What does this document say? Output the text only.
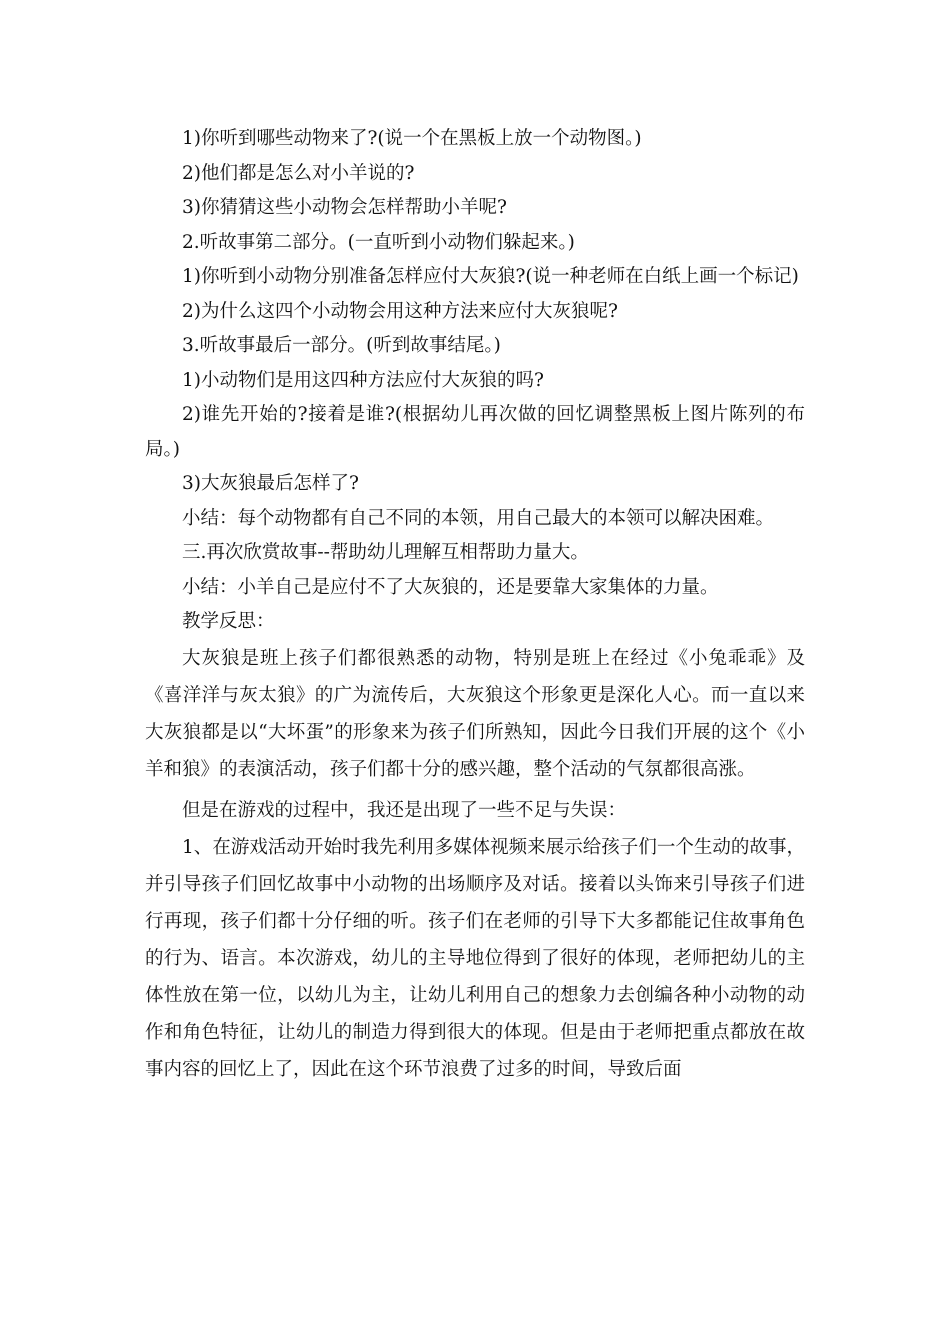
1)你听到哪些动物来了?(说一个在黑板上放一个动物图。)

2)他们都是怎么对小羊说的?

3)你猜猜这些小动物会怎样帮助小羊呢?

2.听故事第二部分。(一直听到小动物们躲起来。)

1)你听到小动物分别准备怎样应付大灰狼?(说一种老师在白纸上画一个标记)

2)为什么这四个小动物会用这种方法来应付大灰狼呢?

3.听故事最后一部分。(听到故事结尾。)

1)小动物们是用这四种方法应付大灰狼的吗?

2)谁先开始的?接着是谁?(根据幼儿再次做的回忆调整黑板上图片陈列的布局。)

3)大灰狼最后怎样了?

小结：每个动物都有自己不同的本领，用自己最大的本领可以解决困难。

三.再次欣赏故事--帮助幼儿理解互相帮助力量大。

小结：小羊自己是应付不了大灰狼的，还是要靠大家集体的力量。

教学反思：

大灰狼是班上孩子们都很熟悉的动物，特别是班上在经过《小兔乖乖》及《喜洋洋与灰太狼》的广为流传后，大灰狼这个形象更是深化人心。而一直以来大灰狼都是以“大坏蛋”的形象来为孩子们所熟知，因此今日我们开展的这个《小羊和狼》的表演活动，孩子们都十分的感兴趣，整个活动的气氛都很高涨。

但是在游戏的过程中，我还是出现了一些不足与失误：

1、在游戏活动开始时我先利用多媒体视频来展示给孩子们一个生动的故事，并引导孩子们回忆故事中小动物的出场顺序及对话。接着以头饰来引导孩子们进行再现，孩子们都十分仔细的听。孩子们在老师的引导下大多都能记住故事角色的行为、语言。本次游戏，幼儿的主导地位得到了很好的体现，老师把幼儿的主体性放在第一位，以幼儿为主，让幼儿利用自己的想象力去创编各种小动物的动作和角色特征，让幼儿的制造力得到很大的体现。但是由于老师把重点都放在故事内容的回忆上了，因此在这个环节浪费了过多的时间，导致后面
